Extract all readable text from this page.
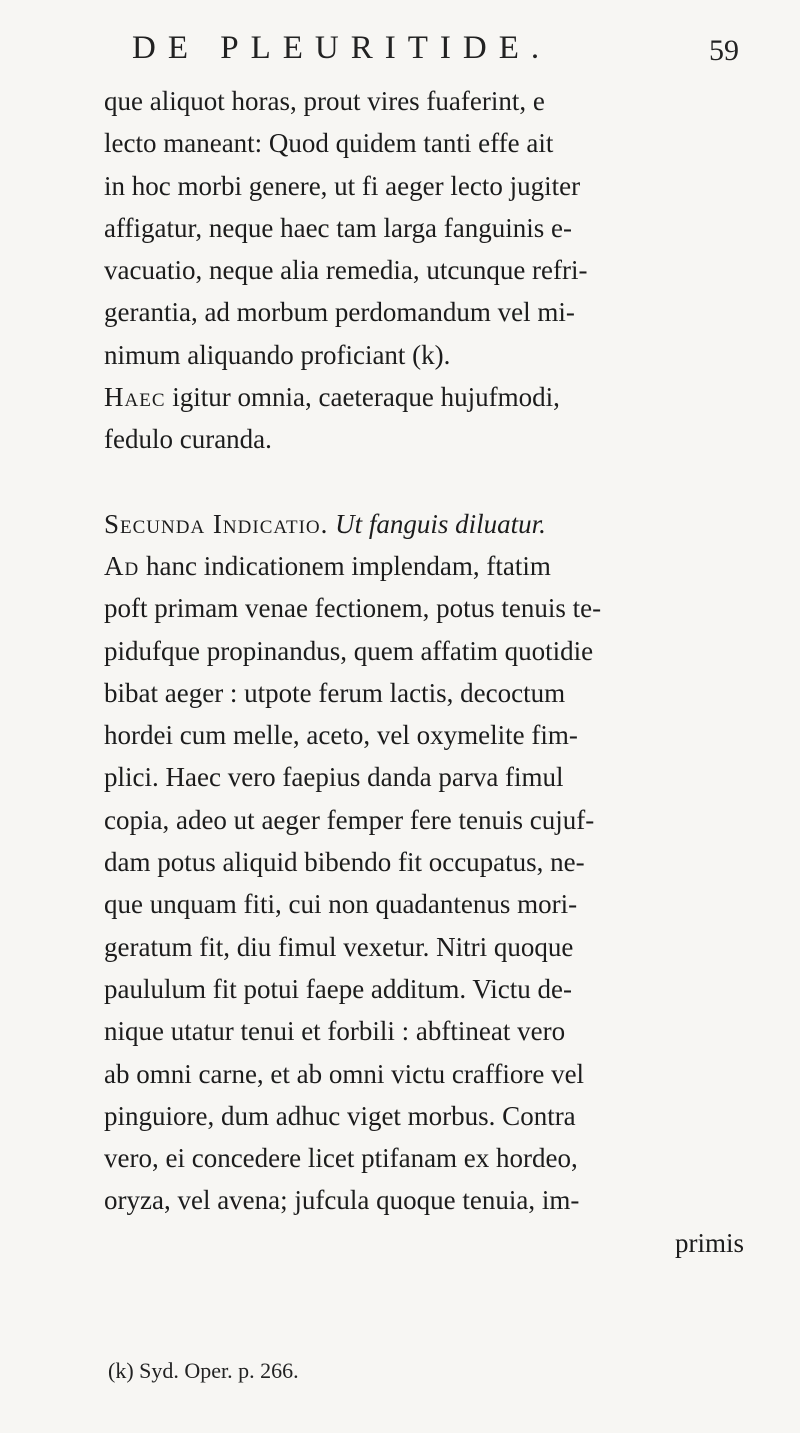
DE PLEURITIDE.	59
que aliquot horas, prout vires fuaferint, e
lecto maneant: Quod quidem tanti effe ait
in hoc morbi genere, ut fi aeger lecto jugiter
affigatur, neque haec tam larga fanguinis e-
vacuatio, neque alia remedia, utcunque refri-
gerantia, ad morbum perdomandum vel mi-
nimum aliquando proficiant (k).
Haec igitur omnia, caeteraque hujufmodi,
fedulo curanda.
Secunda Indicatio. Ut fanguis diluatur.
Ad hanc indicationem implendam, ftatim
poft primam venae fectionem, potus tenuis te-
pidufque propinandus, quem affatim quotidie
bibat aeger : utpote ferum lactis, decoctum
hordei cum melle, aceto, vel oxymelite fim-
plici. Haec vero faepius danda parva fimul
copia, adeo ut aeger femper fere tenuis cujuf-
dam potus aliquid bibendo fit occupatus, ne-
que unquam fiti, cui non quadantenus mori-
geratum fit, diu fimul vexetur. Nitri quoque
paululum fit potui faepe additum. Victu de-
nique utatur tenui et forbili : abftineat vero
ab omni carne, et ab omni victu craffiore vel
pinguiore, dum adhuc viget morbus. Contra
vero, ei concedere licet ptifanam ex hordeo,
oryza, vel avena; jufcula quoque tenuia, im-
primis
(k) Syd. Oper. p. 266.
